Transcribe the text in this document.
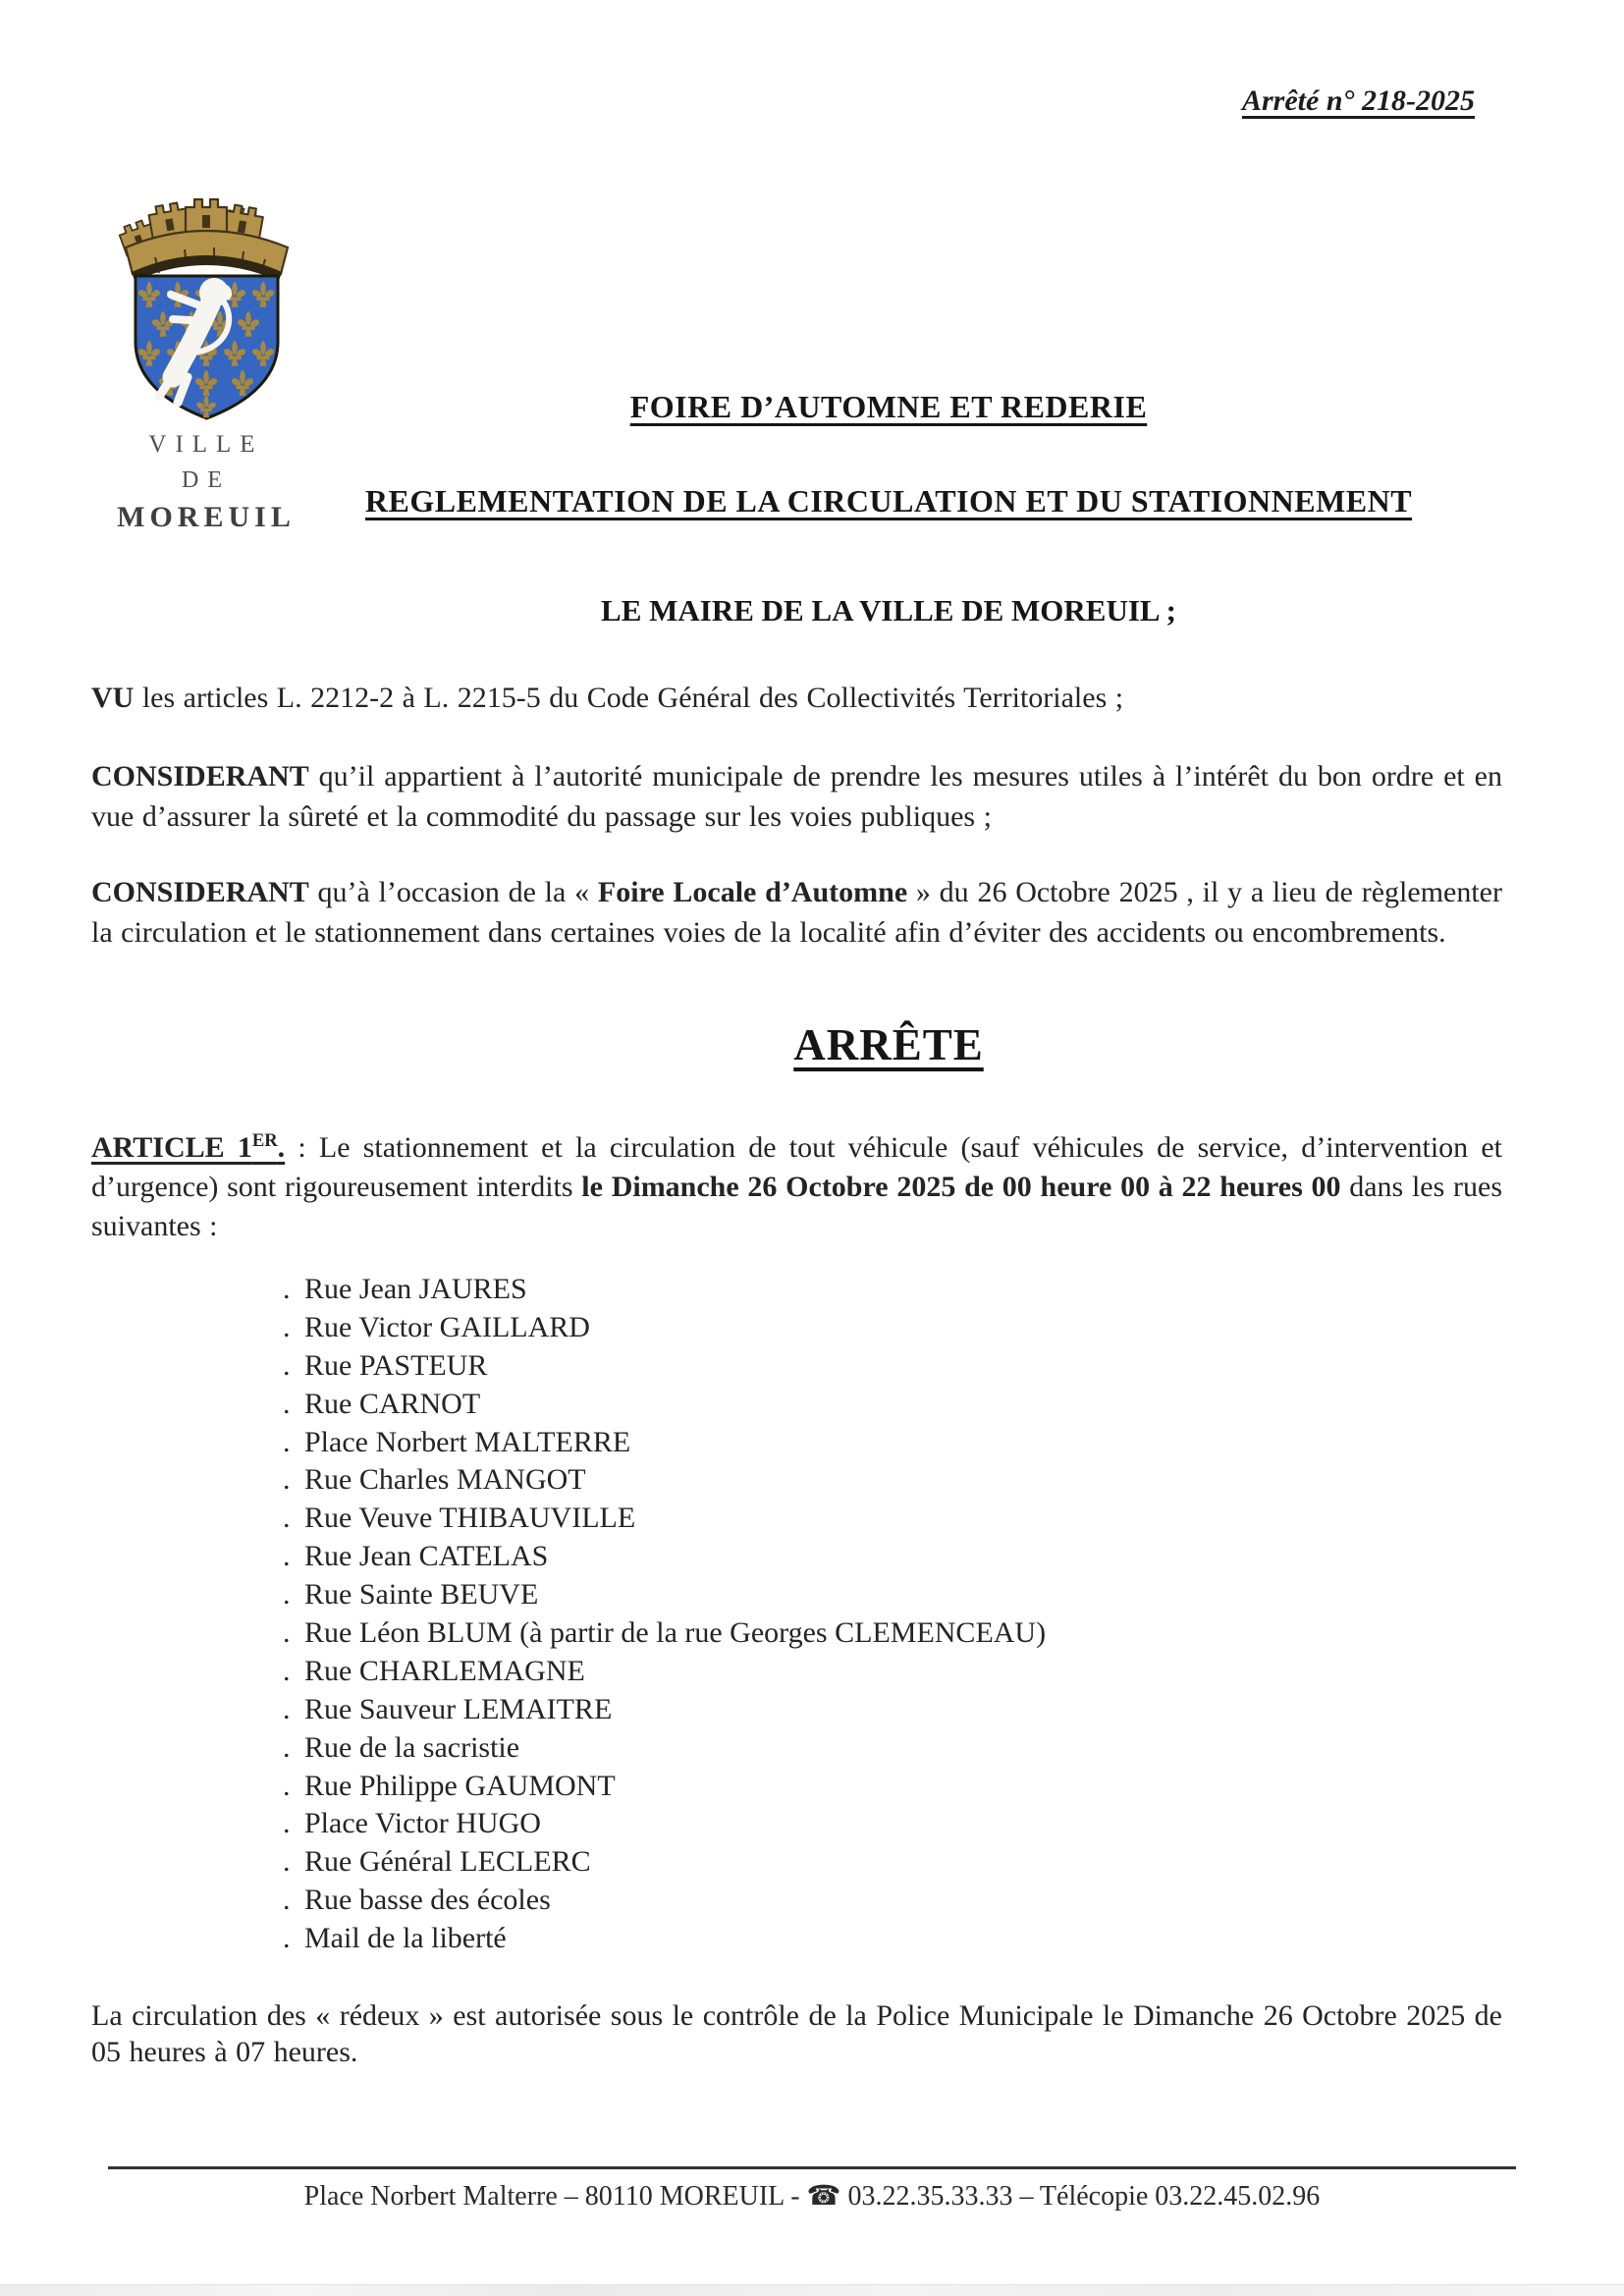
Arrêté n° 218-2025
VILLE
DE
MOREUIL
FOIRE D’AUTOMNE ET REDERIE
REGLEMENTATION DE LA CIRCULATION ET DU STATIONNEMENT
LE MAIRE DE LA VILLE DE MOREUIL ;
VU les articles L. 2212-2 à L. 2215-5 du Code Général des Collectivités Territoriales ;
CONSIDERANT qu’il appartient à l’autorité municipale de prendre les mesures utiles à l’intérêt du bon ordre et en vue d’assurer la sûreté et la commodité du passage sur les voies publiques ;
CONSIDERANT qu’à l’occasion de la « Foire Locale d’Automne » du 26 Octobre 2025 , il y a lieu de règlementer la circulation et le stationnement dans certaines voies de la localité afin d’éviter des accidents ou encombrements.
ARRÊTE
ARTICLE 1ER. : Le stationnement et la circulation de tout véhicule (sauf véhicules de service, d’intervention et d’urgence) sont rigoureusement interdits le Dimanche 26 Octobre 2025 de 00 heure 00 à 22 heures 00 dans les rues suivantes :
. Rue Jean JAURES
. Rue Victor GAILLARD
. Rue PASTEUR
. Rue CARNOT
. Place Norbert MALTERRE
. Rue Charles MANGOT
. Rue Veuve THIBAUVILLE
. Rue Jean CATELAS
. Rue Sainte BEUVE
. Rue Léon BLUM (à partir de la rue Georges CLEMENCEAU)
. Rue CHARLEMAGNE
. Rue Sauveur LEMAITRE
. Rue de la sacristie
. Rue Philippe GAUMONT
. Place Victor HUGO
. Rue Général LECLERC
. Rue basse des écoles
. Mail de la liberté
La circulation des « rédeux » est autorisée sous le contrôle de la Police Municipale le Dimanche 26 Octobre 2025 de 05 heures à 07 heures.
Place Norbert Malterre – 80110 MOREUIL - ☎ 03.22.35.33.33 – Télécopie 03.22.45.02.96
